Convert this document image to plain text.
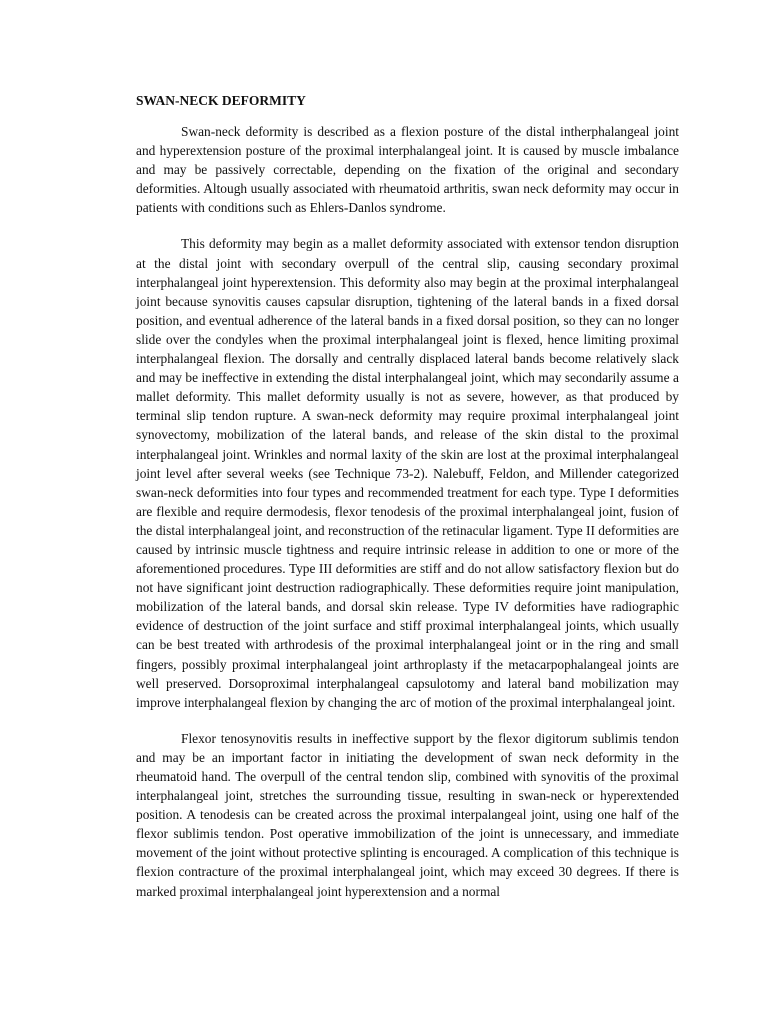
SWAN-NECK DEFORMITY

Swan-neck deformity is described as a flexion posture of the distal intherphalangeal joint and hyperextension posture of the proximal interphalangeal joint. It is caused by muscle imbalance and may be passively correctable, depending on the fixation of the original and secondary deformities. Altough usually associated with rheumatoid arthritis, swan neck deformity may occur in patients with conditions such as Ehlers-Danlos syndrome.

This deformity may begin as a mallet deformity associated with extensor tendon disruption at the distal joint with secondary overpull of the central slip, causing secondary proximal interphalangeal joint hyperextension. This deformity also may begin at the proximal interphalangeal joint because synovitis causes capsular disruption, tightening of the lateral bands in a fixed dorsal position, and eventual adherence of the lateral bands in a fixed dorsal position, so they can no longer slide over the condyles when the proximal interphalangeal joint is flexed, hence limiting proximal interphalangeal flexion. The dorsally and centrally displaced lateral bands become relatively slack and may be ineffective in extending the distal interphalangeal joint, which may secondarily assume a mallet deformity. This mallet deformity usually is not as severe, however, as that produced by terminal slip tendon rupture. A swan-neck deformity may require proximal interphalangeal joint synovectomy, mobilization of the lateral bands, and release of the skin distal to the proximal interphalangeal joint. Wrinkles and normal laxity of the skin are lost at the proximal interphalangeal joint level after several weeks (see Technique 73-2). Nalebuff, Feldon, and Millender categorized swan-neck deformities into four types and recommended treatment for each type. Type I deformities are flexible and require dermodesis, flexor tenodesis of the proximal interphalangeal joint, fusion of the distal interphalangeal joint, and reconstruction of the retinacular ligament. Type II deformities are caused by intrinsic muscle tightness and require intrinsic release in addition to one or more of the aforementioned procedures. Type III deformities are stiff and do not allow satisfactory flexion but do not have significant joint destruction radiographically. These deformities require joint manipulation, mobilization of the lateral bands, and dorsal skin release. Type IV deformities have radiographic evidence of destruction of the joint surface and stiff proximal interphalangeal joints, which usually can be best treated with arthrodesis of the proximal interphalangeal joint or in the ring and small fingers, possibly proximal interphalangeal joint arthroplasty if the metacarpophalangeal joints are well preserved. Dorsoproximal interphalangeal capsulotomy and lateral band mobilization may improve interphalangeal flexion by changing the arc of motion of the proximal interphalangeal joint.

Flexor tenosynovitis results in ineffective support by the flexor digitorum sublimis tendon and may be an important factor in initiating the development of swan neck deformity in the rheumatoid hand. The overpull of the central tendon slip, combined with synovitis of the proximal interphalangeal joint, stretches the surrounding tissue, resulting in swan-neck or hyperextended position. A tenodesis can be created across the proximal interpalangeal joint, using one half of the flexor sublimis tendon. Post operative immobilization of the joint is unnecessary, and immediate movement of the joint without protective splinting is encouraged. A complication of this technique is flexion contracture of the proximal interphalangeal joint, which may exceed 30 degrees. If there is marked proximal interphalangeal joint hyperextension and a normal
